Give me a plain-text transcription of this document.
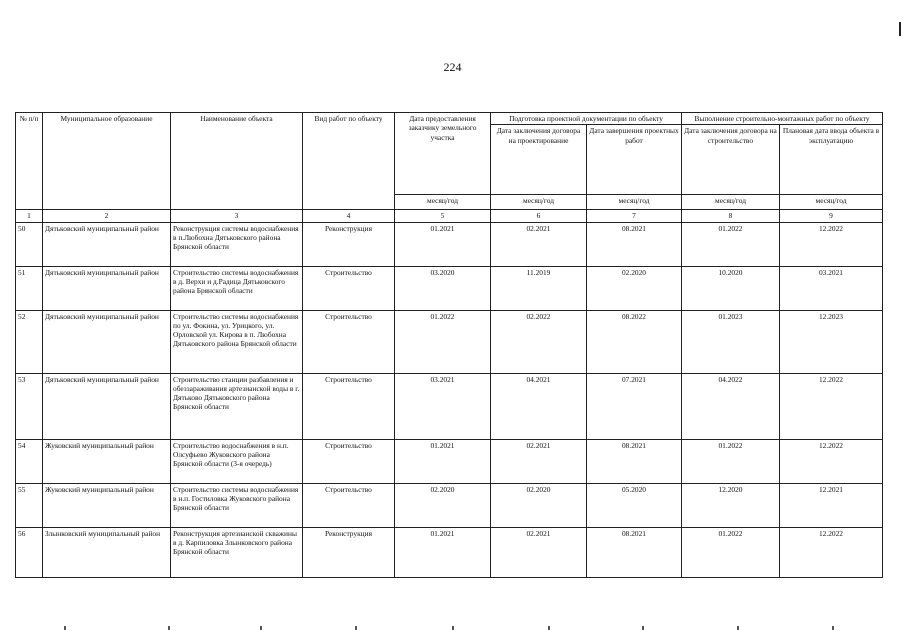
224
№ п/п	Муниципальное образование	Наименование объекта	Вид работ по объекту	Дата предоставления заказчику земельного участка	Подготовка проектной документации по объекту		Выполнение строительно-монтажных работ по объекту	
					Дата заключения договора на проектирование	Дата завершения проектных работ	Дата заключения договора на строительство	Плановая дата ввода объекта в эксплуатацию
				месяц/год	месяц/год	месяц/год	месяц/год	месяц/год
1	2	3	4	5	6	7	8	9
50	Дятьковский муниципальный район	Реконструкция системы водоснабжения в п.Любохна Дятьковского района Брянской области	Реконструкция	01.2021	02.2021	08.2021	01.2022	12.2022
51	Дятьковский муниципальный район	Строительство системы водоснабжения в д. Верхи и д.Радица Дятьковского района Брянской области	Строительство	03.2020	11.2019	02.2020	10.2020	03.2021
52	Дятьковский муниципальный район	Строительство системы водоснабжения по ул. Фокина, ул. Урицкого, ул. Орловской ул. Кирова в п. Любохна Дятьковского района Брянской области	Строительство	01.2022	02.2022	08.2022	01.2023	12.2023
53	Дятьковский муниципальный район	Строительство станции разбавления и обеззараживания артезианской воды в г. Дятьково Дятьковского района Брянской области	Строительство	03.2021	04.2021	07.2021	04.2022	12.2022
54	Жуковский муниципальный район	Строительство водоснабжения в н.п. Олсуфьево Жуковского района Брянской области (3-я очередь)	Строительство	01.2021	02.2021	08.2021	01.2022	12.2022
55	Жуковский муниципальный район	Строительство системы водоснабжения в н.п. Гостиловка Жуковского района Брянской области	Строительство	02.2020	02.2020	05.2020	12.2020	12.2021
56	Злынковский муниципальный район	Реконструкция артезианской скважины в д. Карпиловка Злынковского района Брянской области	Реконструкция	01.2021	02.2021	08.2021	01.2022	12.2022
